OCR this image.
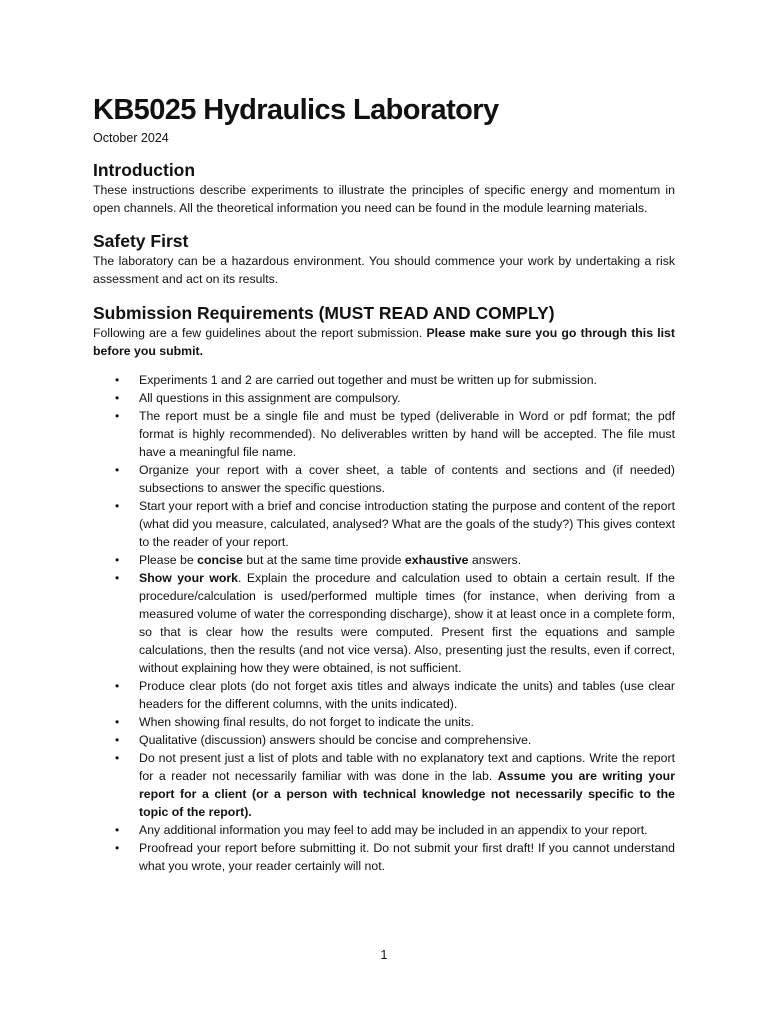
KB5025 Hydraulics Laboratory
October 2024
Introduction

These instructions describe experiments to illustrate the principles of specific energy and momentum in open channels. All the theoretical information you need can be found in the module learning materials.

Safety First

The laboratory can be a hazardous environment. You should commence your work by undertaking a risk assessment and act on its results.

Submission Requirements (MUST READ AND COMPLY)

Following are a few guidelines about the report submission. Please make sure you go through this list before you submit.

• Experiments 1 and 2 are carried out together and must be written up for submission.
• All questions in this assignment are compulsory.
• The report must be a single file and must be typed (deliverable in Word or pdf format; the pdf format is highly recommended). No deliverables written by hand will be accepted. The file must have a meaningful file name.
• Organize your report with a cover sheet, a table of contents and sections and (if needed) subsections to answer the specific questions.
• Start your report with a brief and concise introduction stating the purpose and content of the report (what did you measure, calculated, analysed? What are the goals of the study?) This gives context to the reader of your report.
• Please be concise but at the same time provide exhaustive answers.
• Show your work. Explain the procedure and calculation used to obtain a certain result. If the procedure/calculation is used/performed multiple times (for instance, when deriving from a measured volume of water the corresponding discharge), show it at least once in a complete form, so that is clear how the results were computed. Present first the equations and sample calculations, then the results (and not vice versa). Also, presenting just the results, even if correct, without explaining how they were obtained, is not sufficient.
• Produce clear plots (do not forget axis titles and always indicate the units) and tables (use clear headers for the different columns, with the units indicated).
• When showing final results, do not forget to indicate the units.
• Qualitative (discussion) answers should be concise and comprehensive.
• Do not present just a list of plots and table with no explanatory text and captions. Write the report for a reader not necessarily familiar with was done in the lab. Assume you are writing your report for a client (or a person with technical knowledge not necessarily specific to the topic of the report).
• Any additional information you may feel to add may be included in an appendix to your report.
• Proofread your report before submitting it. Do not submit your first draft! If you cannot understand what you wrote, your reader certainly will not.
1
